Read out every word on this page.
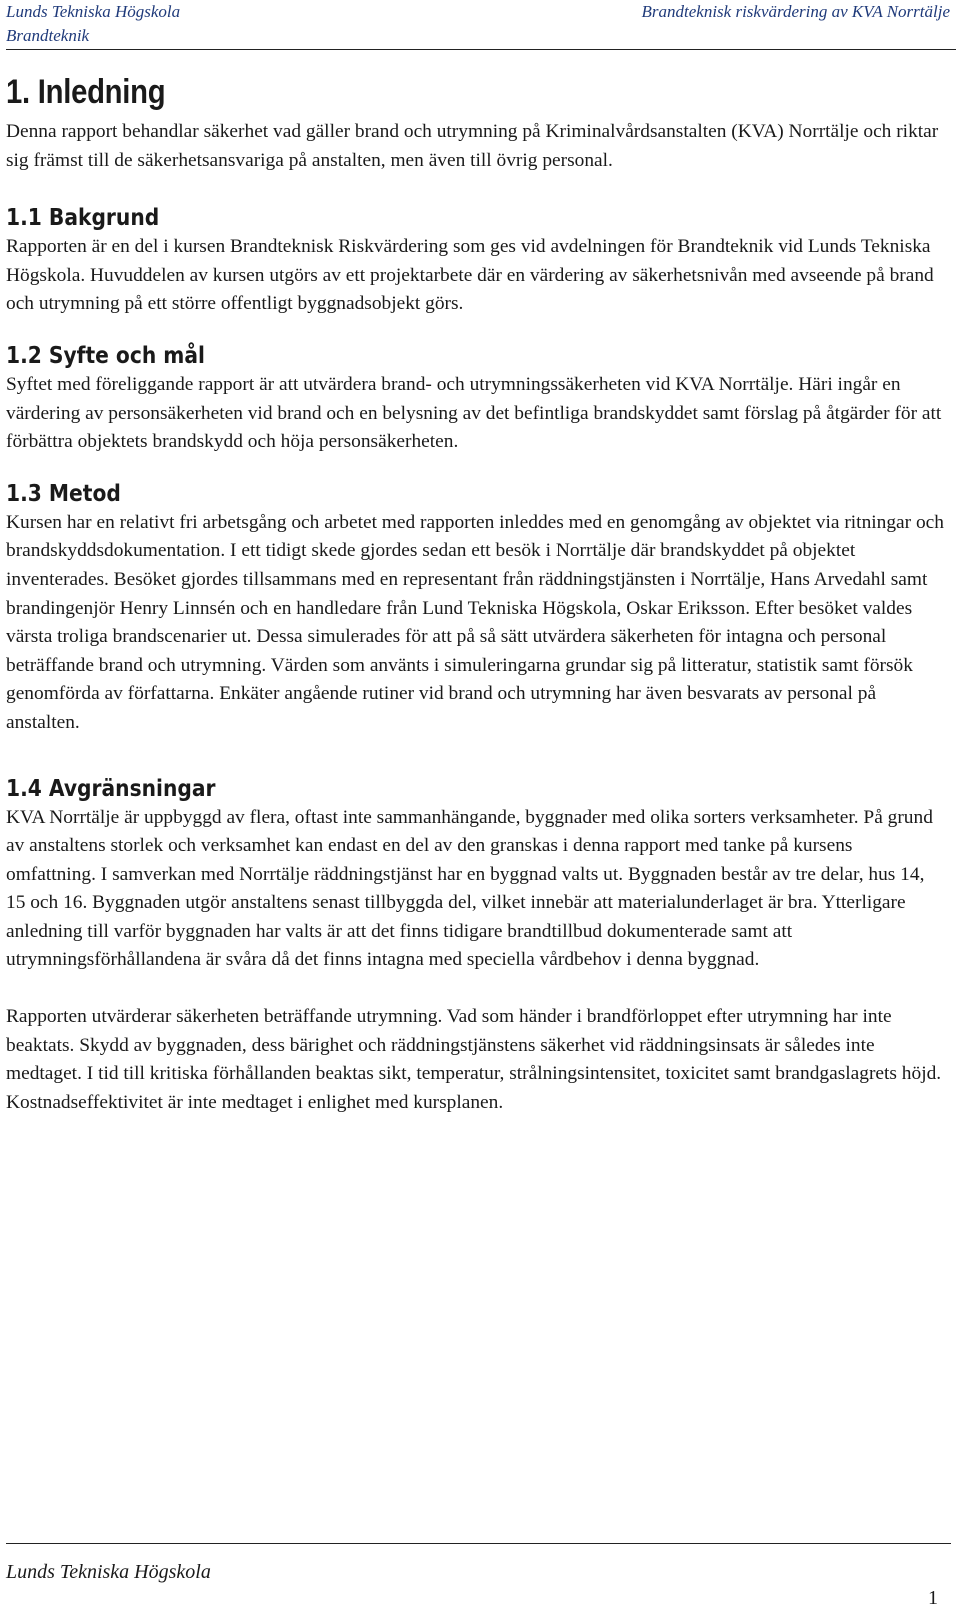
Lunds Tekniska Högskola Brandteknik
Brandteknisk riskvärdering av KVA Norrtälje
1. Inledning

Denna rapport behandlar säkerhet vad gäller brand och utrymning på Kriminalvårdsanstalten (KVA) Norrtälje och riktar sig främst till de säkerhetsansvariga på anstalten, men även till övrig personal.

1.1 Bakgrund

Rapporten är en del i kursen Brandteknisk Riskvärdering som ges vid avdelningen för Brandteknik vid Lunds Tekniska Högskola. Huvuddelen av kursen utgörs av ett projektarbete där en värdering av säkerhetsnivån med avseende på brand och utrymning på ett större offentligt byggnadsobjekt görs.

1.2 Syfte och mål

Syftet med föreliggande rapport är att utvärdera brand- och utrymningssäkerheten vid KVA Norrtälje. Häri ingår en värdering av personsäkerheten vid brand och en belysning av det befintliga brandskyddet samt förslag på åtgärder för att förbättra objektets brandskydd och höja personsäkerheten.

1.3 Metod

Kursen har en relativt fri arbetsgång och arbetet med rapporten inleddes med en genomgång av objektet via ritningar och brandskyddsdokumentation. I ett tidigt skede gjordes sedan ett besök i Norrtälje där brandskyddet på objektet inventerades. Besöket gjordes tillsammans med en representant från räddningstjänsten i Norrtälje, Hans Arvedahl samt brandingenjör Henry Linnsén och en handledare från Lund Tekniska Högskola, Oskar Eriksson. Efter besöket valdes värsta troliga brandscenarier ut. Dessa simulerades för att på så sätt utvärdera säkerheten för intagna och personal beträffande brand och utrymning. Värden som använts i simuleringarna grundar sig på litteratur, statistik samt försök genomförda av författarna. Enkäter angående rutiner vid brand och utrymning har även besvarats av personal på anstalten.

1.4 Avgränsningar

KVA Norrtälje är uppbyggd av flera, oftast inte sammanhängande, byggnader med olika sorters verksamheter. På grund av anstaltens storlek och verksamhet kan endast en del av den granskas i denna rapport med tanke på kursens omfattning. I samverkan med Norrtälje räddningstjänst har en byggnad valts ut. Byggnaden består av tre delar, hus 14, 15 och 16. Byggnaden utgör anstaltens senast tillbyggda del, vilket innebär att materialunderlaget är bra. Ytterligare anledning till varför byggnaden har valts är att det finns tidigare brandtillbud dokumenterade samt att utrymningsförhållandena är svåra då det finns intagna med speciella vårdbehov i denna byggnad.

Rapporten utvärderar säkerheten beträffande utrymning. Vad som händer i brandförloppet efter utrymning har inte beaktats. Skydd av byggnaden, dess bärighet och räddningstjänstens säkerhet vid räddningsinsats är således inte medtaget. I tid till kritiska förhållanden beaktas sikt, temperatur, strålningsintensitet, toxicitet samt brandgaslagrets höjd. Kostnadseffektivitet är inte medtaget i enlighet med kursplanen.

Lunds Tekniska Högskola
1
